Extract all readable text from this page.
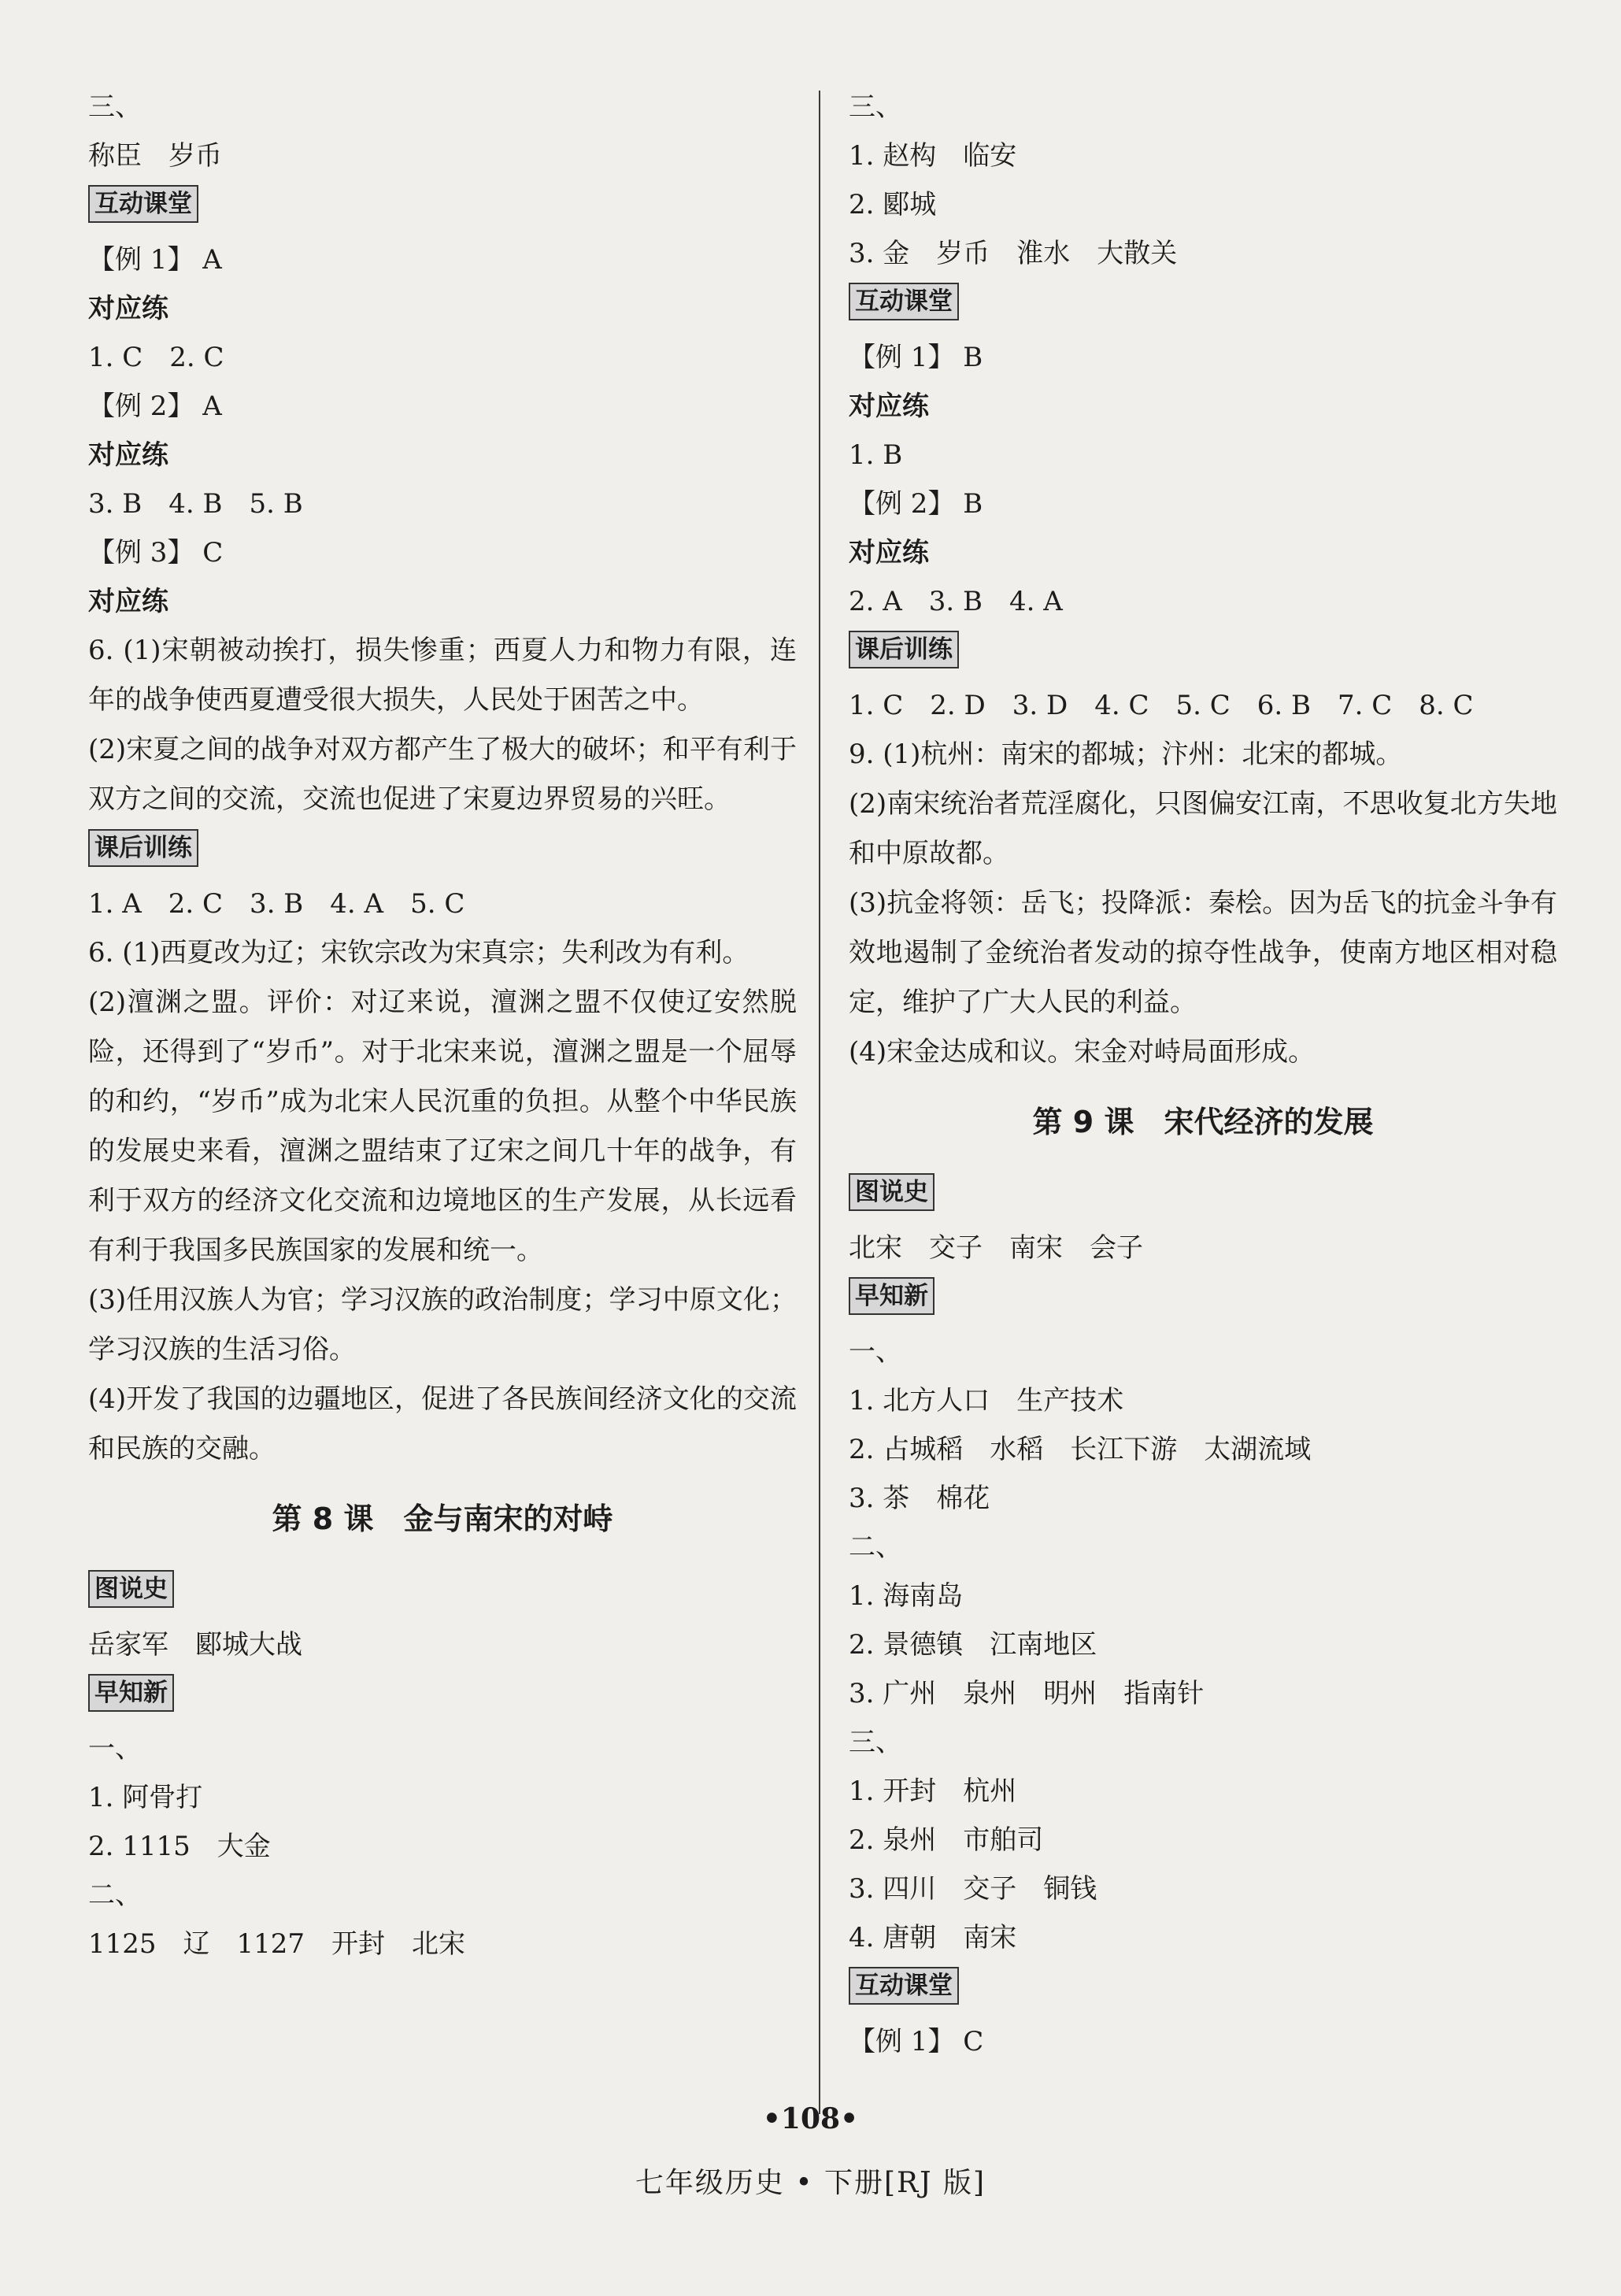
三、
称臣　岁币
互动课堂
【例 1】 A
对应练
1. C　2. C
【例 2】 A
对应练
3. B　4. B　5. B
【例 3】 C
对应练
6. (1)宋朝被动挨打，损失惨重；西夏人力和物力有限，连年的战争使西夏遭受很大损失，人民处于困苦之中。
(2)宋夏之间的战争对双方都产生了极大的破坏；和平有利于双方之间的交流，交流也促进了宋夏边界贸易的兴旺。
课后训练
1. A　2. C　3. B　4. A　5. C
6. (1)西夏改为辽；宋钦宗改为宋真宗；失利改为有利。
(2)澶渊之盟。评价：对辽来说，澶渊之盟不仅使辽安然脱险，还得到了“岁币”。对于北宋来说，澶渊之盟是一个屈辱的和约，“岁币”成为北宋人民沉重的负担。从整个中华民族的发展史来看，澶渊之盟结束了辽宋之间几十年的战争，有利于双方的经济文化交流和边境地区的生产发展，从长远看有利于我国多民族国家的发展和统一。
(3)任用汉族人为官；学习汉族的政治制度；学习中原文化；学习汉族的生活习俗。
(4)开发了我国的边疆地区，促进了各民族间经济文化的交流和民族的交融。
第 8 课　金与南宋的对峙
图说史
岳家军　郾城大战
早知新
一、
1. 阿骨打
2. 1115　大金
二、
1125　辽　1127　开封　北宋
三、
1. 赵构　临安
2. 郾城
3. 金　岁币　淮水　大散关
互动课堂
【例 1】 B
对应练
1. B
【例 2】 B
对应练
2. A　3. B　4. A
课后训练
1. C　2. D　3. D　4. C　5. C　6. B　7. C　8. C
9. (1)杭州：南宋的都城；汴州：北宋的都城。
(2)南宋统治者荒淫腐化，只图偏安江南，不思收复北方失地和中原故都。
(3)抗金将领：岳飞；投降派：秦桧。因为岳飞的抗金斗争有效地遏制了金统治者发动的掠夺性战争，使南方地区相对稳定，维护了广大人民的利益。
(4)宋金达成和议。宋金对峙局面形成。
第 9 课　宋代经济的发展
图说史
北宋　交子　南宋　会子
早知新
一、
1. 北方人口　生产技术
2. 占城稻　水稻　长江下游　太湖流域
3. 茶　棉花
二、
1. 海南岛
2. 景德镇　江南地区
3. 广州　泉州　明州　指南针
三、
1. 开封　杭州
2. 泉州　市舶司
3. 四川　交子　铜钱
4. 唐朝　南宋
互动课堂
【例 1】 C
•108•
七年级历史 • 下册[RJ 版]
